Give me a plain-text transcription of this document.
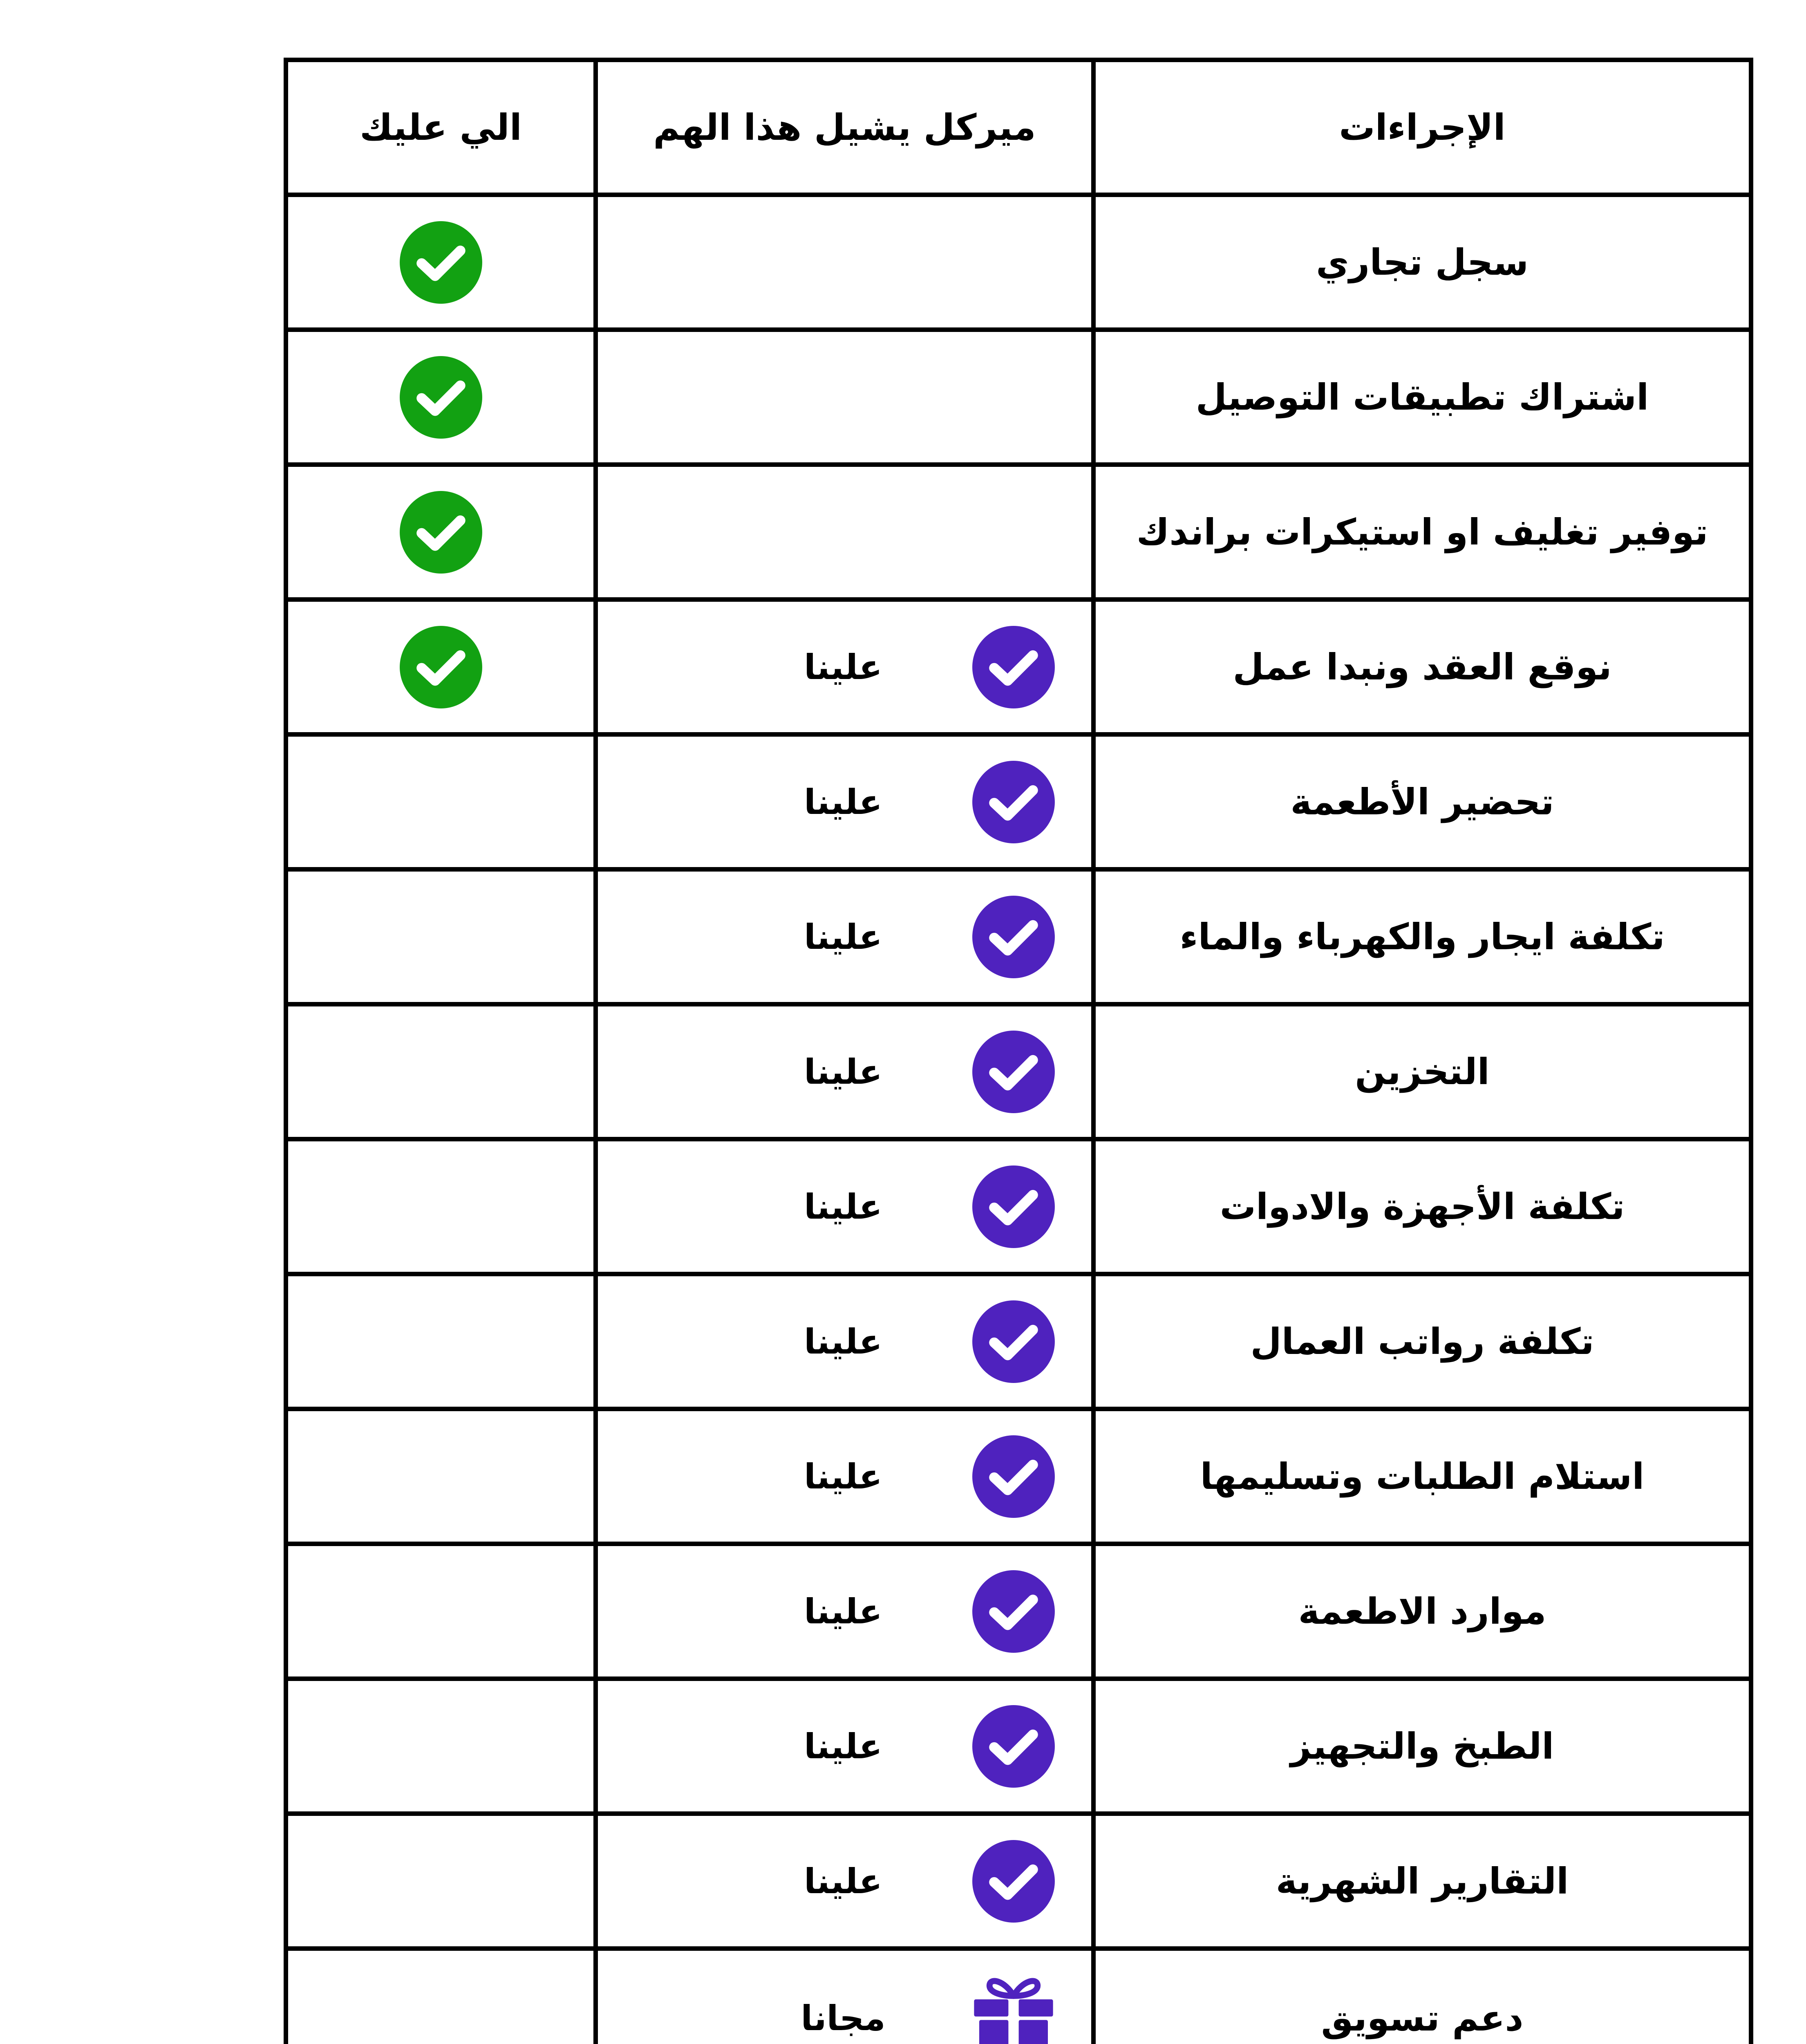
الإجراءات
ميركل يشيل هذا الهم
الي عليك
سجل تجاري
اشتراك تطبيقات التوصيل
توفير تغليف او استيكرات براندك
نوقع العقد ونبدا عمل
علينا
تحضير الأطعمة
علينا
تكلفة ايجار والكهرباء والماء
علينا
التخزين
علينا
تكلفة الأجهزة والادوات
علينا
تكلفة رواتب العمال
علينا
استلام الطلبات وتسليمها
علينا
موارد الاطعمة
علينا
الطبخ والتجهيز
علينا
التقارير الشهرية
علينا
دعم تسويق
مجانا
